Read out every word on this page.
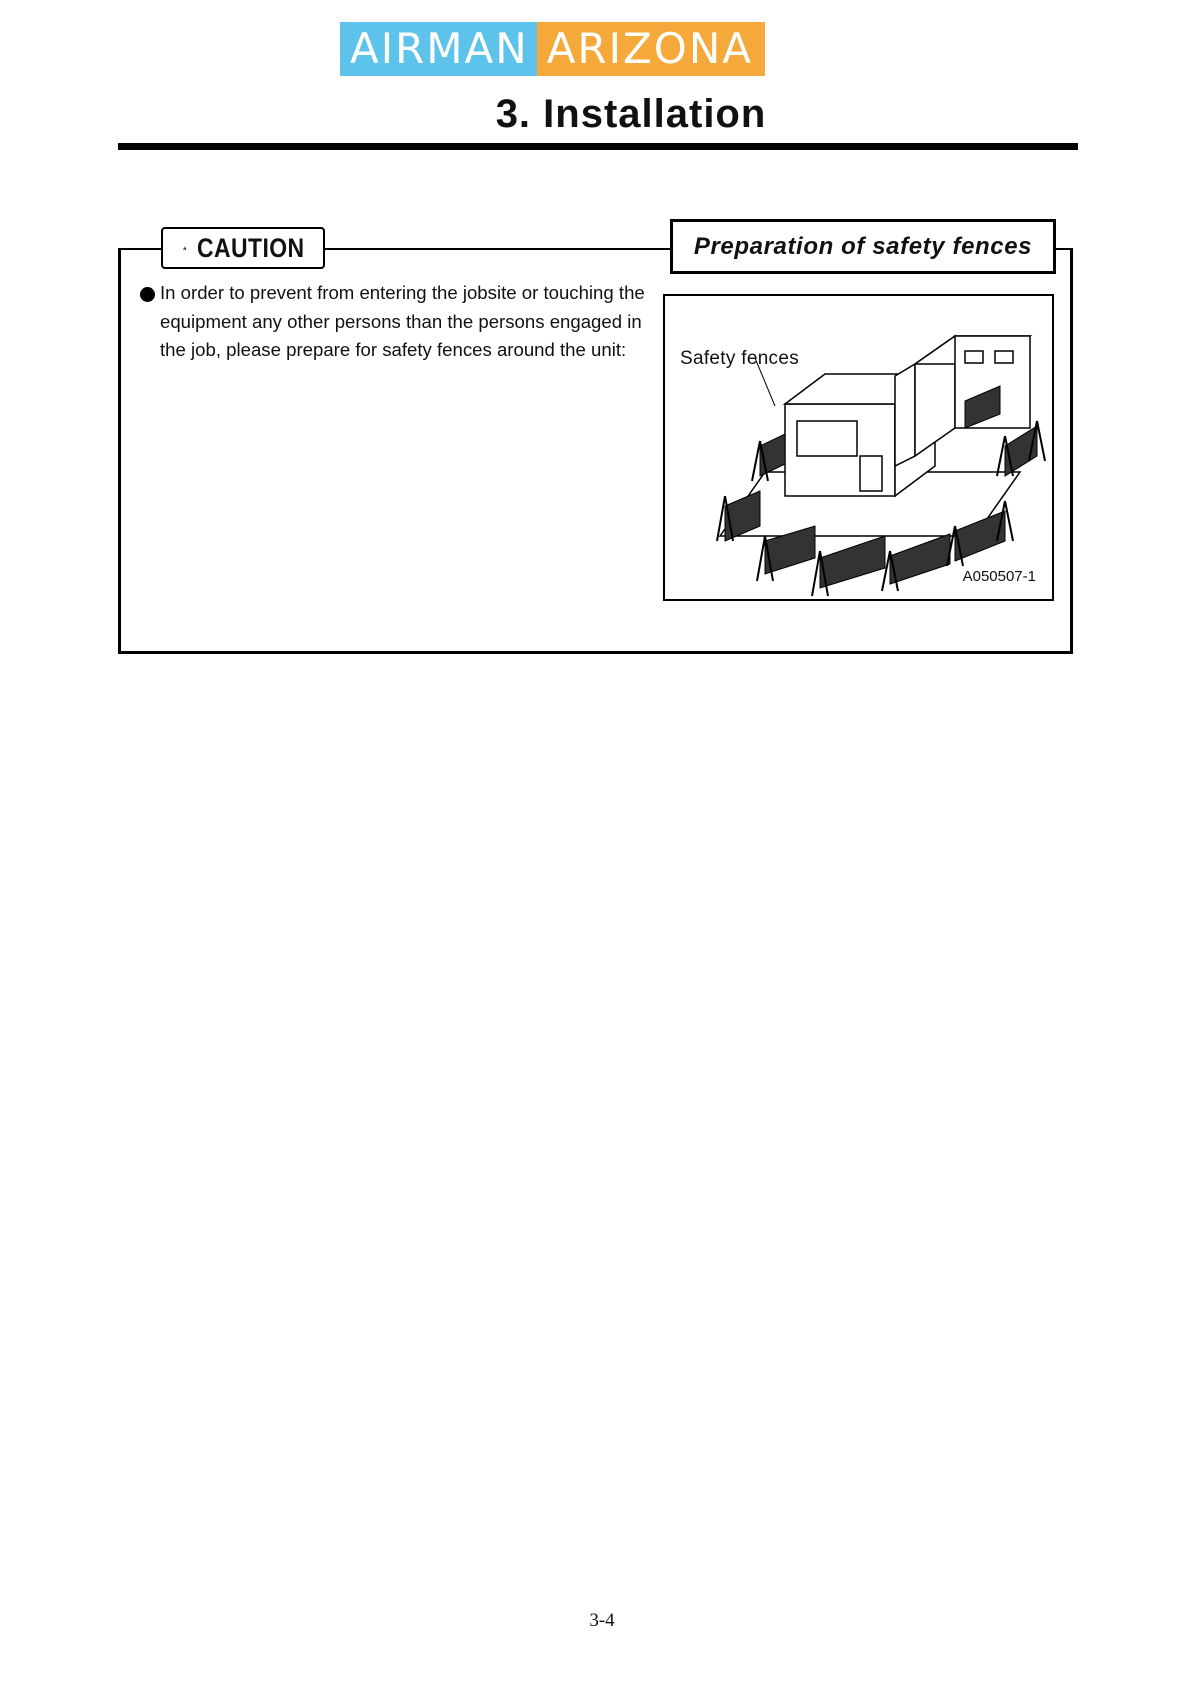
AIRMAN ARIZONA
3. Installation
CAUTION
In order to prevent from entering the jobsite or touching the equipment any other persons than the persons engaged in the job, please prepare for safety fences around the unit:
Preparation of safety fences
Safety fences
A050507-1
3-4
